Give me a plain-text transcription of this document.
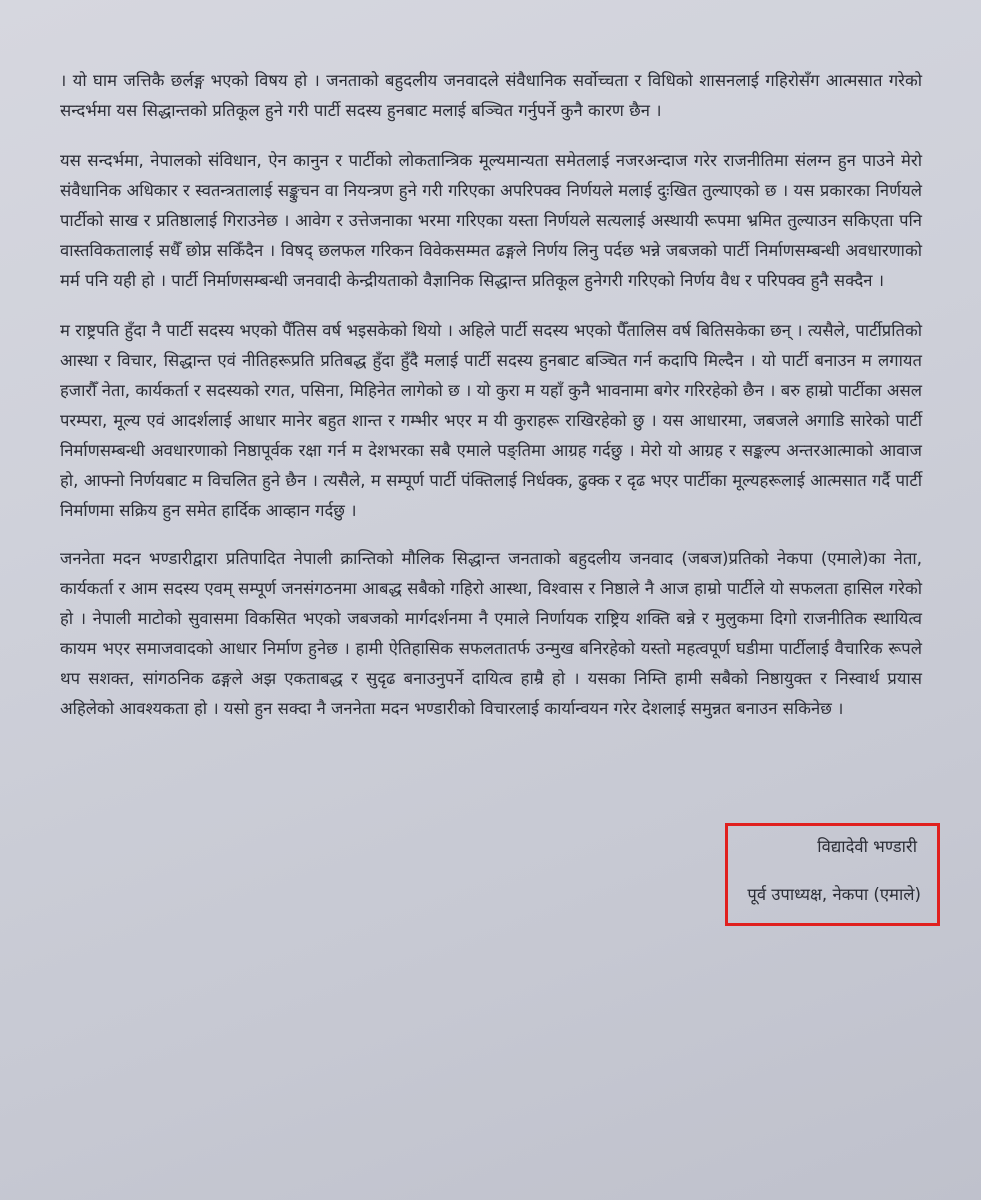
। यो घाम जत्तिकै छर्लङ्ग भएको विषय हो । जनताको बहुदलीय जनवादले संवैधानिक सर्वोच्चता र विधिको शासनलाई गहिरोसँग आत्मसात गरेको सन्दर्भमा यस सिद्धान्तको प्रतिकूल हुने गरी पार्टी सदस्य हुनबाट मलाई बञ्चित गर्नुपर्ने कुनै कारण छैन ।

यस सन्दर्भमा, नेपालको संविधान, ऐन कानुन र पार्टीको लोकतान्त्रिक मूल्यमान्यता समेतलाई नजरअन्दाज गरेर राजनीतिमा संलग्न हुन पाउने मेरो संवैधानिक अधिकार र स्वतन्त्रतालाई सङ्कुचन वा नियन्त्रण हुने गरी गरिएका अपरिपक्व निर्णयले मलाई दुःखित तुल्याएको छ । यस प्रकारका निर्णयले पार्टीको साख र प्रतिष्ठालाई गिराउनेछ । आवेग र उत्तेजनाका भरमा गरिएका यस्ता निर्णयले सत्यलाई अस्थायी रूपमा भ्रमित तुल्याउन सकिएता पनि वास्तविकतालाई सधैँ छोप्न सकिँदैन । विषद् छलफल गरिकन विवेकसम्मत ढङ्गले निर्णय लिनु पर्दछ भन्ने जबजको पार्टी निर्माणसम्बन्धी अवधारणाको मर्म पनि यही हो । पार्टी निर्माणसम्बन्धी जनवादी केन्द्रीयताको वैज्ञानिक सिद्धान्त प्रतिकूल हुनेगरी गरिएको निर्णय वैध र परिपक्व हुनै सक्दैन ।

म राष्ट्रपति हुँदा नै पार्टी सदस्य भएको पैँतिस वर्ष भइसकेको थियो । अहिले पार्टी सदस्य भएको पैँतालिस वर्ष बितिसकेका छन् । त्यसैले, पार्टीप्रतिको आस्था र विचार, सिद्धान्त एवं नीतिहरूप्रति प्रतिबद्ध हुँदा हुँदै मलाई पार्टी सदस्य हुनबाट बञ्चित गर्न कदापि मिल्दैन । यो पार्टी बनाउन म लगायत हजारौँ नेता, कार्यकर्ता र सदस्यको रगत, पसिना, मिहिनेत लागेको छ । यो कुरा म यहाँ कुनै भावनामा बगेर गरिरहेको छैन । बरु हाम्रो पार्टीका असल परम्परा, मूल्य एवं आदर्शलाई आधार मानेर बहुत शान्त र गम्भीर भएर म यी कुराहरू राखिरहेको छु । यस आधारमा, जबजले अगाडि सारेको पार्टी निर्माणसम्बन्धी अवधारणाको निष्ठापूर्वक रक्षा गर्न म देशभरका सबै एमाले पङ्तिमा आग्रह गर्दछु । मेरो यो आग्रह र सङ्कल्प अन्तरआत्माको आवाज हो, आफ्नो निर्णयबाट म विचलित हुने छैन । त्यसैले, म सम्पूर्ण पार्टी पंक्तिलाई निर्धक्क, ढुक्क र दृढ भएर पार्टीका मूल्यहरूलाई आत्मसात गर्दै पार्टी निर्माणमा सक्रिय हुन समेत हार्दिक आव्हान गर्दछु ।

जननेता मदन भण्डारीद्वारा प्रतिपादित नेपाली क्रान्तिको मौलिक सिद्धान्त जनताको बहुदलीय जनवाद (जबज)प्रतिको नेकपा (एमाले)का नेता, कार्यकर्ता र आम सदस्य एवम् सम्पूर्ण जनसंगठनमा आबद्ध सबैको गहिरो आस्था, विश्वास र निष्ठाले नै आज हाम्रो पार्टीले यो सफलता हासिल गरेको हो । नेपाली माटोको सुवासमा विकसित भएको जबजको मार्गदर्शनमा नै एमाले निर्णायक राष्ट्रिय शक्ति बन्ने र मुलुकमा दिगो राजनीतिक स्थायित्व कायम भएर समाजवादको आधार निर्माण हुनेछ । हामी ऐतिहासिक सफलतातर्फ उन्मुख बनिरहेको यस्तो महत्वपूर्ण घडीमा पार्टीलाई वैचारिक रूपले थप सशक्त, सांगठनिक ढङ्गले अझ एकताबद्ध र सुदृढ बनाउनुपर्ने दायित्व हाम्रै हो । यसका निम्ति हामी सबैको निष्ठायुक्त र निस्वार्थ प्रयास अहिलेको आवश्यकता हो । यसो हुन सक्दा नै जननेता मदन भण्डारीको विचारलाई कार्यान्वयन गरेर देशलाई समुन्नत बनाउन सकिनेछ ।

विद्यादेवी भण्डारी
पूर्व उपाध्यक्ष, नेकपा (एमाले)
